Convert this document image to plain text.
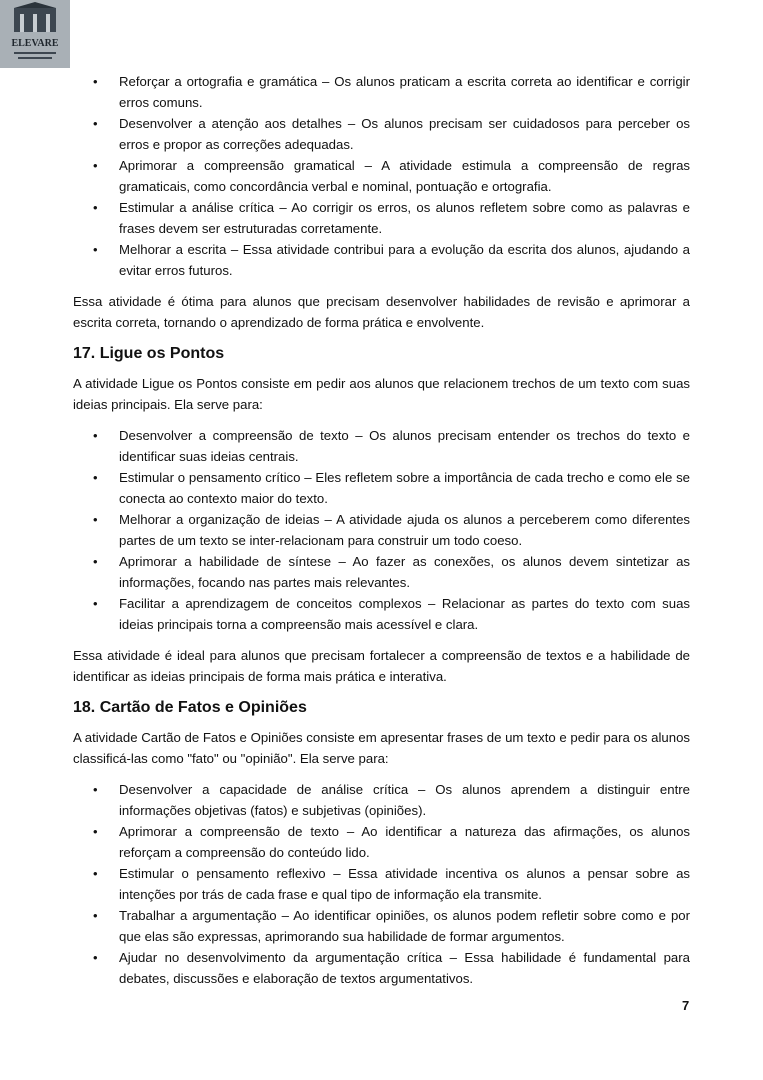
ELEVARE
• Reforçar a ortografia e gramática – Os alunos praticam a escrita correta ao identificar e corrigir erros comuns.
• Desenvolver a atenção aos detalhes – Os alunos precisam ser cuidadosos para perceber os erros e propor as correções adequadas.
• Aprimorar a compreensão gramatical – A atividade estimula a compreensão de regras gramaticais, como concordância verbal e nominal, pontuação e ortografia.
• Estimular a análise crítica – Ao corrigir os erros, os alunos refletem sobre como as palavras e frases devem ser estruturadas corretamente.
• Melhorar a escrita – Essa atividade contribui para a evolução da escrita dos alunos, ajudando a evitar erros futuros.

Essa atividade é ótima para alunos que precisam desenvolver habilidades de revisão e aprimorar a escrita correta, tornando o aprendizado de forma prática e envolvente.

17. Ligue os Pontos

A atividade Ligue os Pontos consiste em pedir aos alunos que relacionem trechos de um texto com suas ideias principais. Ela serve para:

• Desenvolver a compreensão de texto – Os alunos precisam entender os trechos do texto e identificar suas ideias centrais.
• Estimular o pensamento crítico – Eles refletem sobre a importância de cada trecho e como ele se conecta ao contexto maior do texto.
• Melhorar a organização de ideias – A atividade ajuda os alunos a perceberem como diferentes partes de um texto se inter-relacionam para construir um todo coeso.
• Aprimorar a habilidade de síntese – Ao fazer as conexões, os alunos devem sintetizar as informações, focando nas partes mais relevantes.
• Facilitar a aprendizagem de conceitos complexos – Relacionar as partes do texto com suas ideias principais torna a compreensão mais acessível e clara.

Essa atividade é ideal para alunos que precisam fortalecer a compreensão de textos e a habilidade de identificar as ideias principais de forma mais prática e interativa.

18. Cartão de Fatos e Opiniões

A atividade Cartão de Fatos e Opiniões consiste em apresentar frases de um texto e pedir para os alunos classificá-las como "fato" ou "opinião". Ela serve para:

• Desenvolver a capacidade de análise crítica – Os alunos aprendem a distinguir entre informações objetivas (fatos) e subjetivas (opiniões).
• Aprimorar a compreensão de texto – Ao identificar a natureza das afirmações, os alunos reforçam a compreensão do conteúdo lido.
• Estimular o pensamento reflexivo – Essa atividade incentiva os alunos a pensar sobre as intenções por trás de cada frase e qual tipo de informação ela transmite.
• Trabalhar a argumentação – Ao identificar opiniões, os alunos podem refletir sobre como e por que elas são expressas, aprimorando sua habilidade de formar argumentos.
• Ajudar no desenvolvimento da argumentação crítica – Essa habilidade é fundamental para debates, discussões e elaboração de textos argumentativos.
7
